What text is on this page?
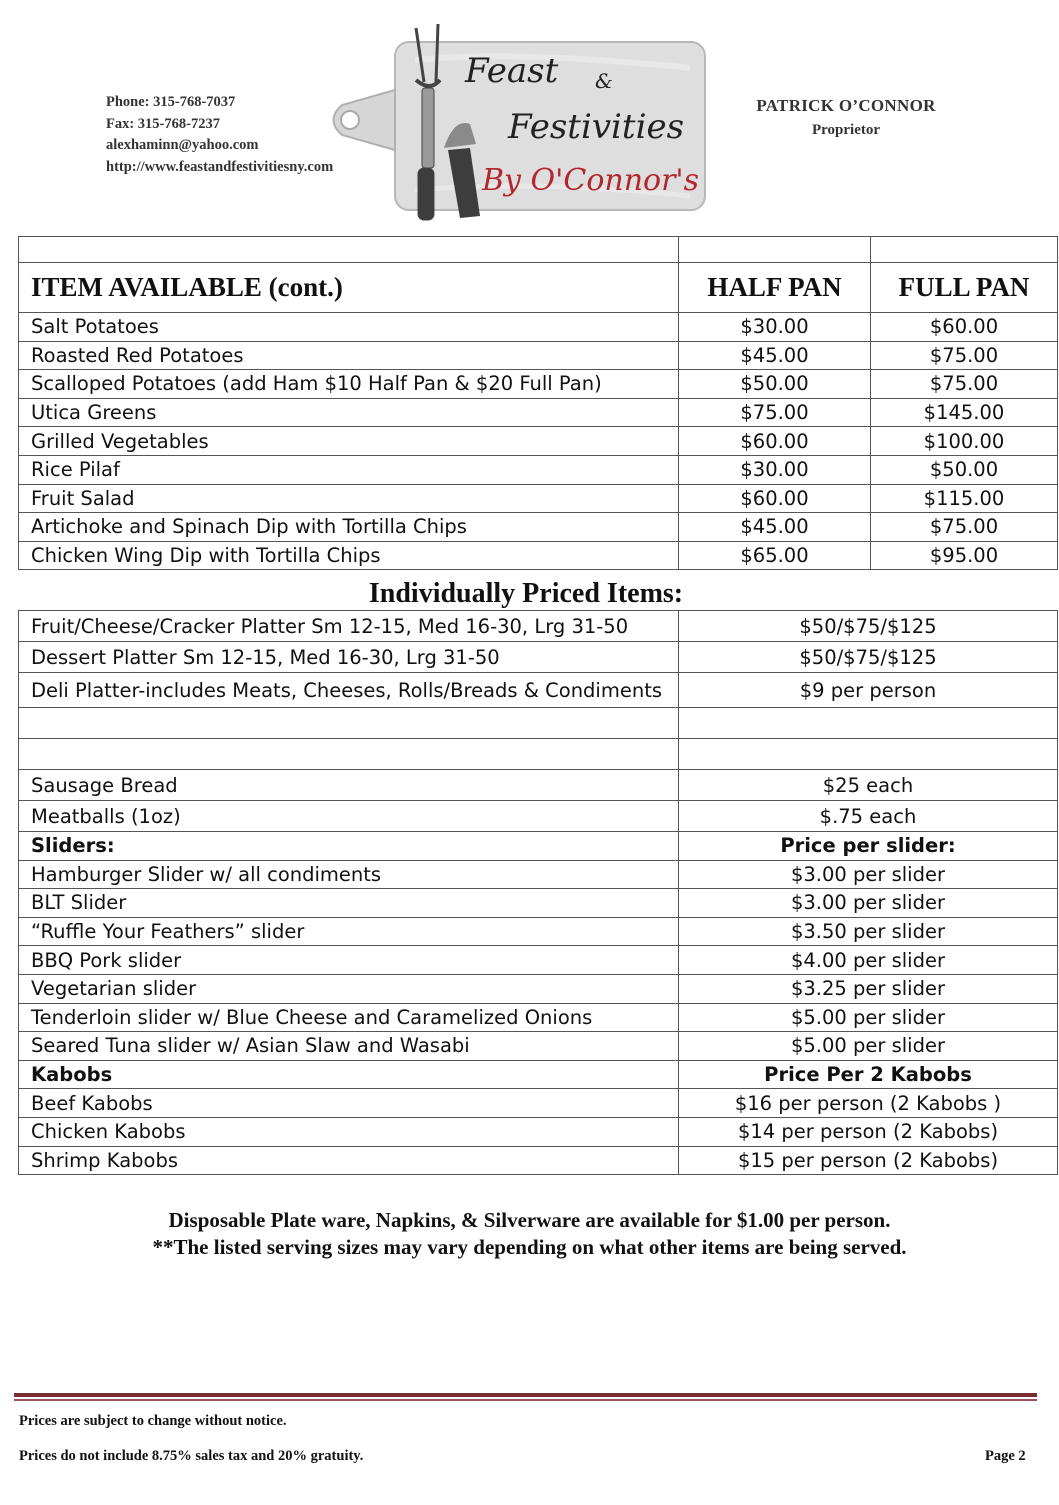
Phone: 315-768-7037
Fax: 315-768-7237
alexhaminn@yahoo.com
http://www.feastandfestivitiesny.com
Feast &
Festivities
By O'Connor's
PATRICK O’CONNOR
Proprietor

ITEM AVAILABLE (cont.)	HALF PAN	FULL PAN
Salt Potatoes	$30.00	$60.00
Roasted Red Potatoes	$45.00	$75.00
Scalloped Potatoes (add Ham $10 Half Pan & $20 Full Pan)	$50.00	$75.00
Utica Greens	$75.00	$145.00
Grilled Vegetables	$60.00	$100.00
Rice Pilaf	$30.00	$50.00
Fruit Salad	$60.00	$115.00
Artichoke and Spinach Dip with Tortilla Chips	$45.00	$75.00
Chicken Wing Dip with Tortilla Chips	$65.00	$95.00
Individually Priced Items:
Fruit/Cheese/Cracker Platter Sm 12-15, Med 16-30, Lrg 31-50	$50/$75/$125
Dessert Platter Sm 12-15, Med 16-30, Lrg 31-50	$50/$75/$125
Deli Platter-includes Meats, Cheeses, Rolls/Breads & Condiments	$9 per person

Sausage Bread	$25 each
Meatballs (1oz)	$.75 each
Sliders:	Price per slider:
Hamburger Slider w/ all condiments	$3.00 per slider
BLT Slider	$3.00 per slider
“Ruffle Your Feathers” slider	$3.50 per slider
BBQ Pork slider	$4.00 per slider
Vegetarian slider	$3.25 per slider
Tenderloin slider w/ Blue Cheese and Caramelized Onions	$5.00 per slider
Seared Tuna slider w/ Asian Slaw and Wasabi	$5.00 per slider
Kabobs	Price Per 2 Kabobs
Beef Kabobs	$16 per person (2 Kabobs )
Chicken Kabobs	$14 per person (2 Kabobs)
Shrimp Kabobs	$15 per person (2 Kabobs)
Disposable Plate ware, Napkins, & Silverware are available for $1.00 per person.
**The listed serving sizes may vary depending on what other items are being served.
Prices are subject to change without notice.
Prices do not include 8.75% sales tax and 20% gratuity.	Page 2
